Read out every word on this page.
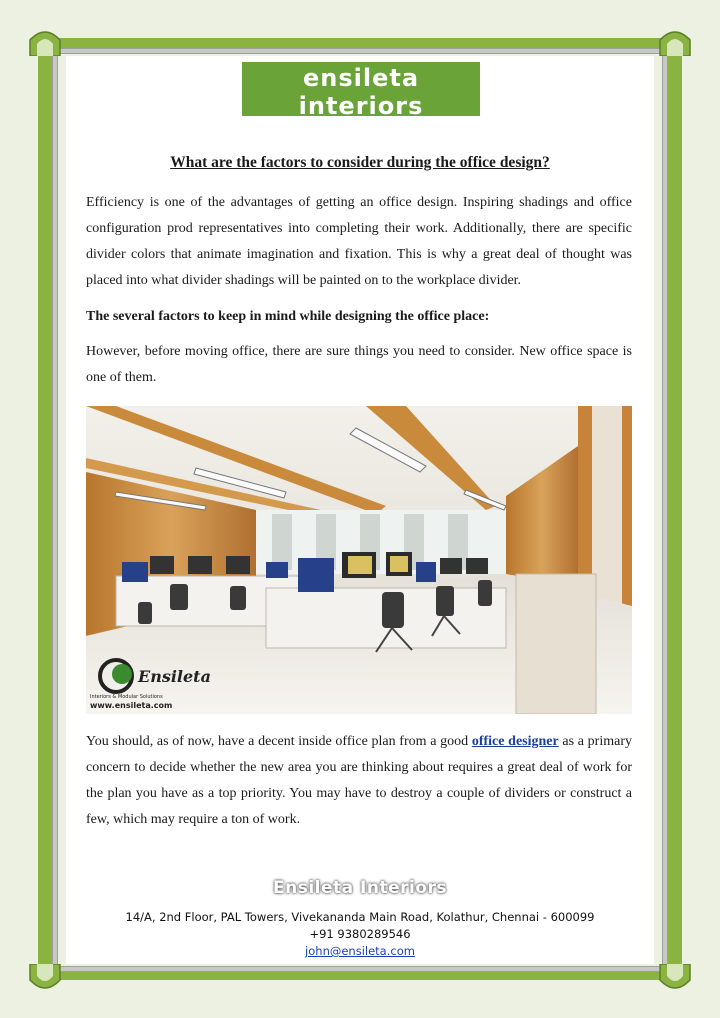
ensileta interiors
Turnkey Office Interior Decorators
What are the factors to consider during the office design?

Efficiency is one of the advantages of getting an office design. Inspiring shadings and office configuration prod representatives into completing their work. Additionally, there are specific divider colors that animate imagination and fixation. This is why a great deal of thought was placed into what divider shadings will be painted on to the workplace divider.

The several factors to keep in mind while designing the office place:

However, before moving office, there are sure things you need to consider. New office space is one of them.

Ensileta
Interiors & Modular Solutions
www.ensileta.com

You should, as of now, have a decent inside office plan from a good office designer as a primary concern to decide whether the new area you are thinking about requires a great deal of work for the plan you have as a top priority. You may have to destroy a couple of dividers or construct a few, which may require a ton of work.

Ensileta Interiors
14/A, 2nd Floor, PAL Towers, Vivekananda Main Road, Kolathur, Chennai - 600099
+91 9380289546
john@ensileta.com
